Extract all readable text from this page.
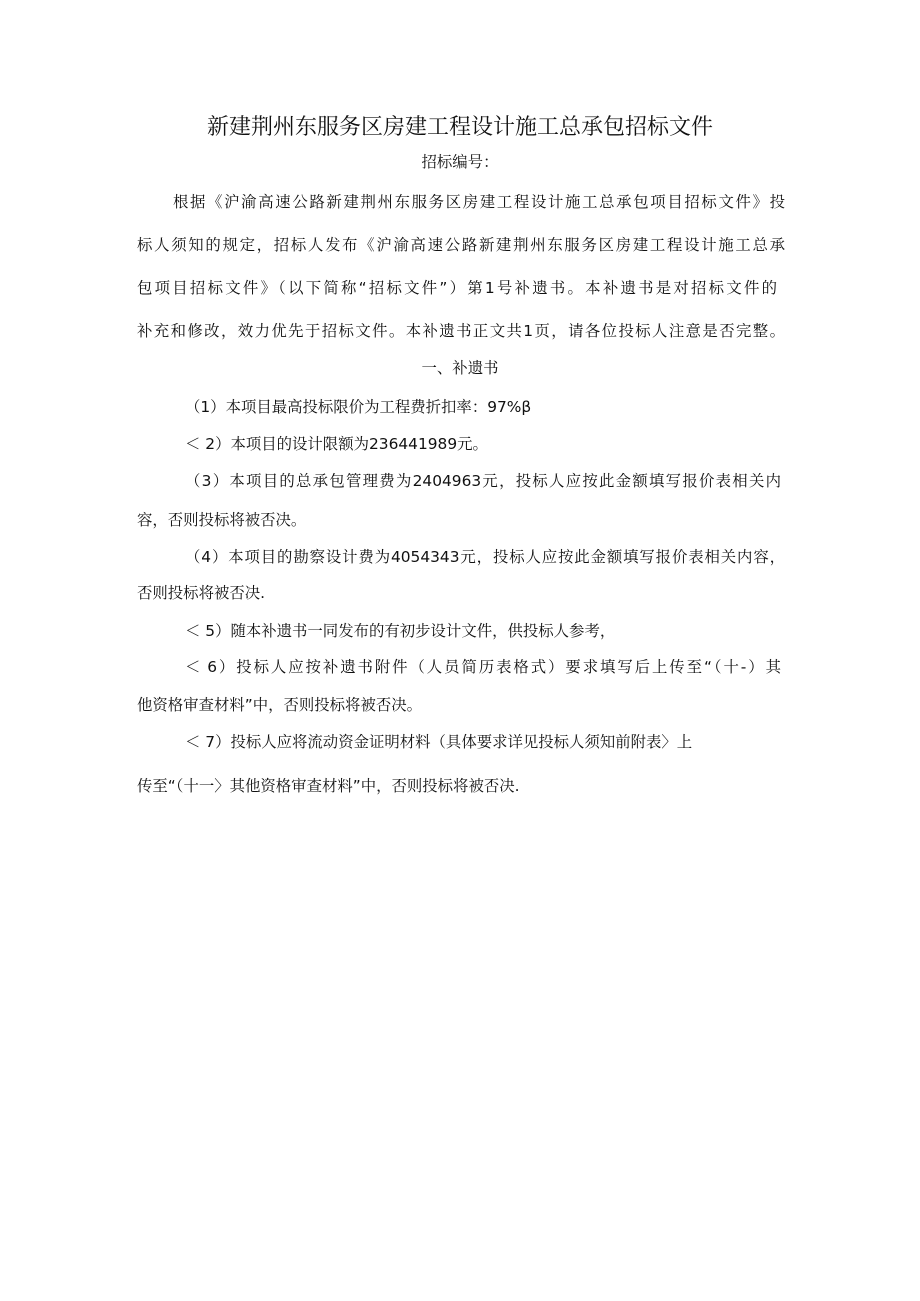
新建荆州东服务区房建工程设计施工总承包招标文件
招标编号：
根据《沪渝高速公路新建荆州东服务区房建工程设计施工总承包项目招标文件》投
标人须知的规定，招标人发布《沪渝高速公路新建荆州东服务区房建工程设计施工总承
包项目招标文件》（以下简称“招标文件”）第1号补遗书。本补遗书是对招标文件的
补充和修改，效力优先于招标文件。本补遗书正文共1页，请各位投标人注意是否完整。
一、补遗书
（1）本项目最高投标限价为工程费折扣率：97%β
＜ 2）本项目的设计限额为236441989元。
（3）本项目的总承包管理费为2404963元，投标人应按此金额填写报价表相关内
容，否则投标将被否决。
（4）本项目的勘察设计费为4054343元，投标人应按此金额填写报价表相关内容，
否则投标将被否决.
＜ 5）随本补遗书一同发布的有初步设计文件，供投标人参考，
＜ 6）投标人应按补遗书附件（人员简历表格式）要求填写后上传至“（十-）其
他资格审查材料”中，否则投标将被否决。
＜ 7）投标人应将流动资金证明材料（具体要求详见投标人须知前附表〉上
传至“（十一〉其他资格审查材料”中，否则投标将被否决.
